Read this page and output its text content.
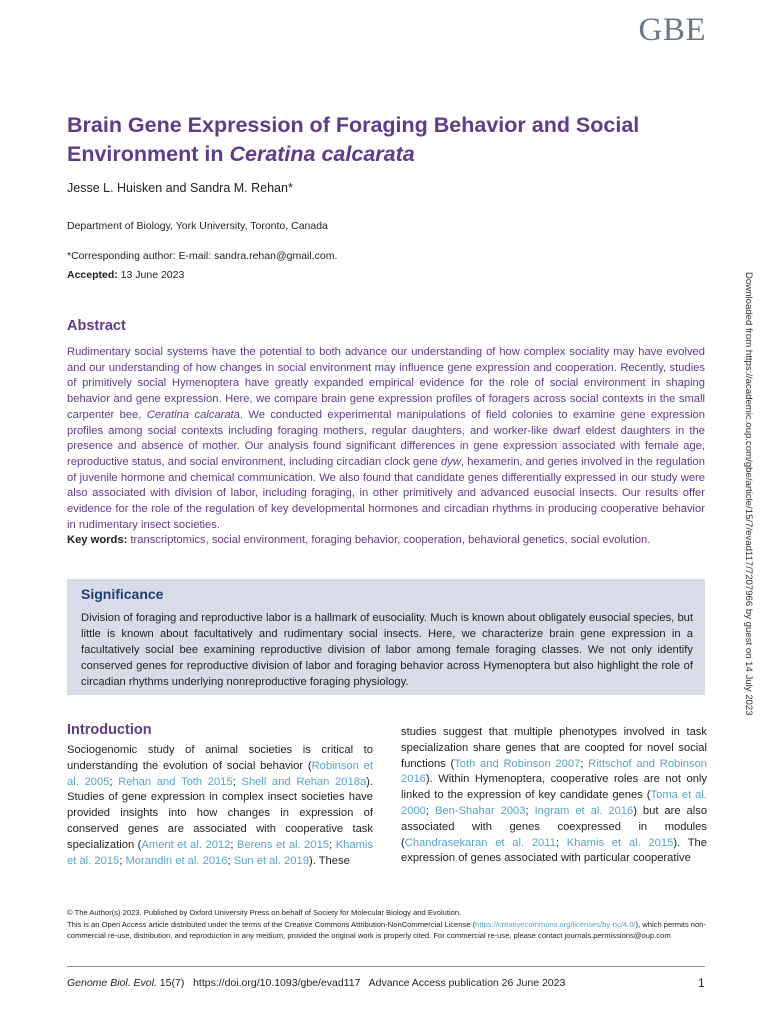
GBE
Downloaded from https://academic.oup.com/gbe/article/15/7/evad117/7207966 by guest on 14 July 2023
Brain Gene Expression of Foraging Behavior and Social Environment in Ceratina calcarata
Jesse L. Huisken and Sandra M. Rehan*
Department of Biology, York University, Toronto, Canada
*Corresponding author: E-mail: sandra.rehan@gmail.com.
Accepted: 13 June 2023
Abstract

Rudimentary social systems have the potential to both advance our understanding of how complex sociality may have evolved and our understanding of how changes in social environment may influence gene expression and cooperation. Recently, studies of primitively social Hymenoptera have greatly expanded empirical evidence for the role of social environment in shaping behavior and gene expression. Here, we compare brain gene expression profiles of foragers across social contexts in the small carpenter bee, Ceratina calcarata. We conducted experimental manipulations of field colonies to examine gene expression profiles among social contexts including foraging mothers, regular daughters, and worker-like dwarf eldest daughters in the presence and absence of mother. Our analysis found significant differences in gene expression associated with female age, reproductive status, and social environment, including circadian clock gene dyw, hexamerin, and genes involved in the regulation of juvenile hormone and chemical communication. We also found that candidate genes differentially expressed in our study were also associated with division of labor, including foraging, in other primitively and advanced eusocial insects. Our results offer evidence for the role of the regulation of key developmental hormones and circadian rhythms in producing cooperative behavior in rudimentary insect societies.

Key words: transcriptomics, social environment, foraging behavior, cooperation, behavioral genetics, social evolution.

Significance

Division of foraging and reproductive labor is a hallmark of eusociality. Much is known about obligately eusocial species, but little is known about facultatively and rudimentary social insects. Here, we characterize brain gene expression in a facultatively social bee examining reproductive division of labor among female foraging classes. We not only identify conserved genes for reproductive division of labor and foraging behavior across Hymenoptera but also highlight the role of circadian rhythms underlying nonreproductive foraging physiology.

Introduction

Sociogenomic study of animal societies is critical to understanding the evolution of social behavior (Robinson et al. 2005; Rehan and Toth 2015; Shell and Rehan 2018a). Studies of gene expression in complex insect societies have provided insights into how changes in expression of conserved genes are associated with cooperative task specialization (Ament et al. 2012; Berens et al. 2015; Khamis et al. 2015; Morandin et al. 2016; Sun et al. 2019). These

studies suggest that multiple phenotypes involved in task specialization share genes that are coopted for novel social functions (Toth and Robinson 2007; Rittschof and Robinson 2016). Within Hymenoptera, cooperative roles are not only linked to the expression of key candidate genes (Toma et al. 2000; Ben-Shahar 2003; Ingram et al. 2016) but are also associated with genes coexpressed in modules (Chandrasekaran et al. 2011; Khamis et al. 2015). The expression of genes associated with particular cooperative

© The Author(s) 2023. Published by Oxford University Press on behalf of Society for Molecular Biology and Evolution.

This is an Open Access article distributed under the terms of the Creative Commons Attribution-NonCommercial License (https://creativecommons.org/licenses/by-nc/4.0/), which permits non-commercial re-use, distribution, and reproduction in any medium, provided the original work is properly cited. For commercial re-use, please contact journals.permissions@oup.com

Genome Biol. Evol. 15(7)   https://doi.org/10.1093/gbe/evad117   Advance Access publication 26 June 2023	1
